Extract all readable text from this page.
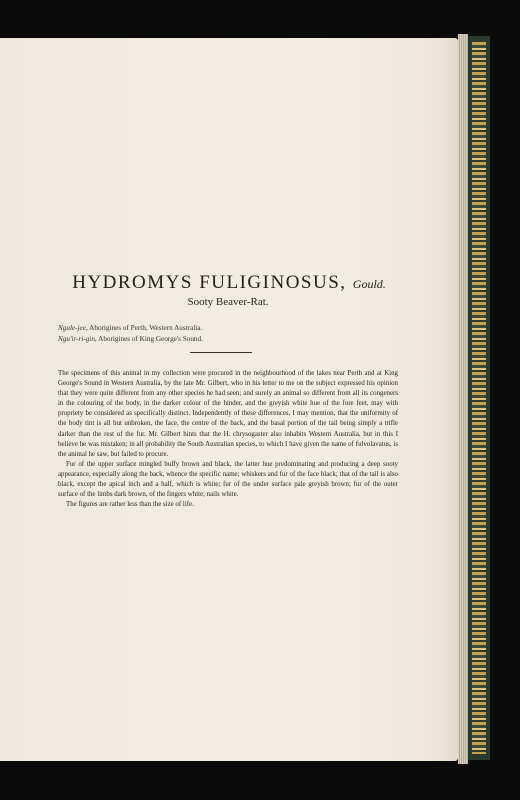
HYDROMYS FULIGINOSUS, Gould.
Sooty Beaver-Rat.
Ngule-jee, Aborigines of Perth, Western Australia.
Ngu'ir-ri-gin, Aborigines of King George's Sound.

The specimens of this animal in my collection were procured in the neighbourhood of the lakes near Perth and at King George's Sound in Western Australia, by the late Mr. Gilbert, who in his letter to me on the subject expressed his opinion that they were quite different from any other species he had seen; and surely an animal so different from all its congeners in the colouring of the body, in the darker colour of the hinder, and the greyish white hue of the fore feet, may with propriety be considered as specifically distinct. Independently of these differences, I may mention, that the uniformity of the body tint is all but unbroken, the face, the centre of the back, and the basal portion of the tail being simply a trifle darker than the rest of the fur. Mr. Gilbert hints that the H. chrysogaster also inhabits Western Australia, but in this I believe he was mistaken; in all probability the South Australian species, to which I have given the name of fulvolavatus, is the animal he saw, but failed to procure.

Fur of the upper surface mingled buffy brown and black, the latter hue predominating and producing a deep sooty appearance, especially along the back, whence the specific name; whiskers and fur of the face black; that of the tail is also black, except the apical inch and a half, which is white; fur of the under surface pale greyish brown; fur of the outer surface of the limbs dark brown, of the fingers white; nails white.

The figures are rather less than the size of life.
